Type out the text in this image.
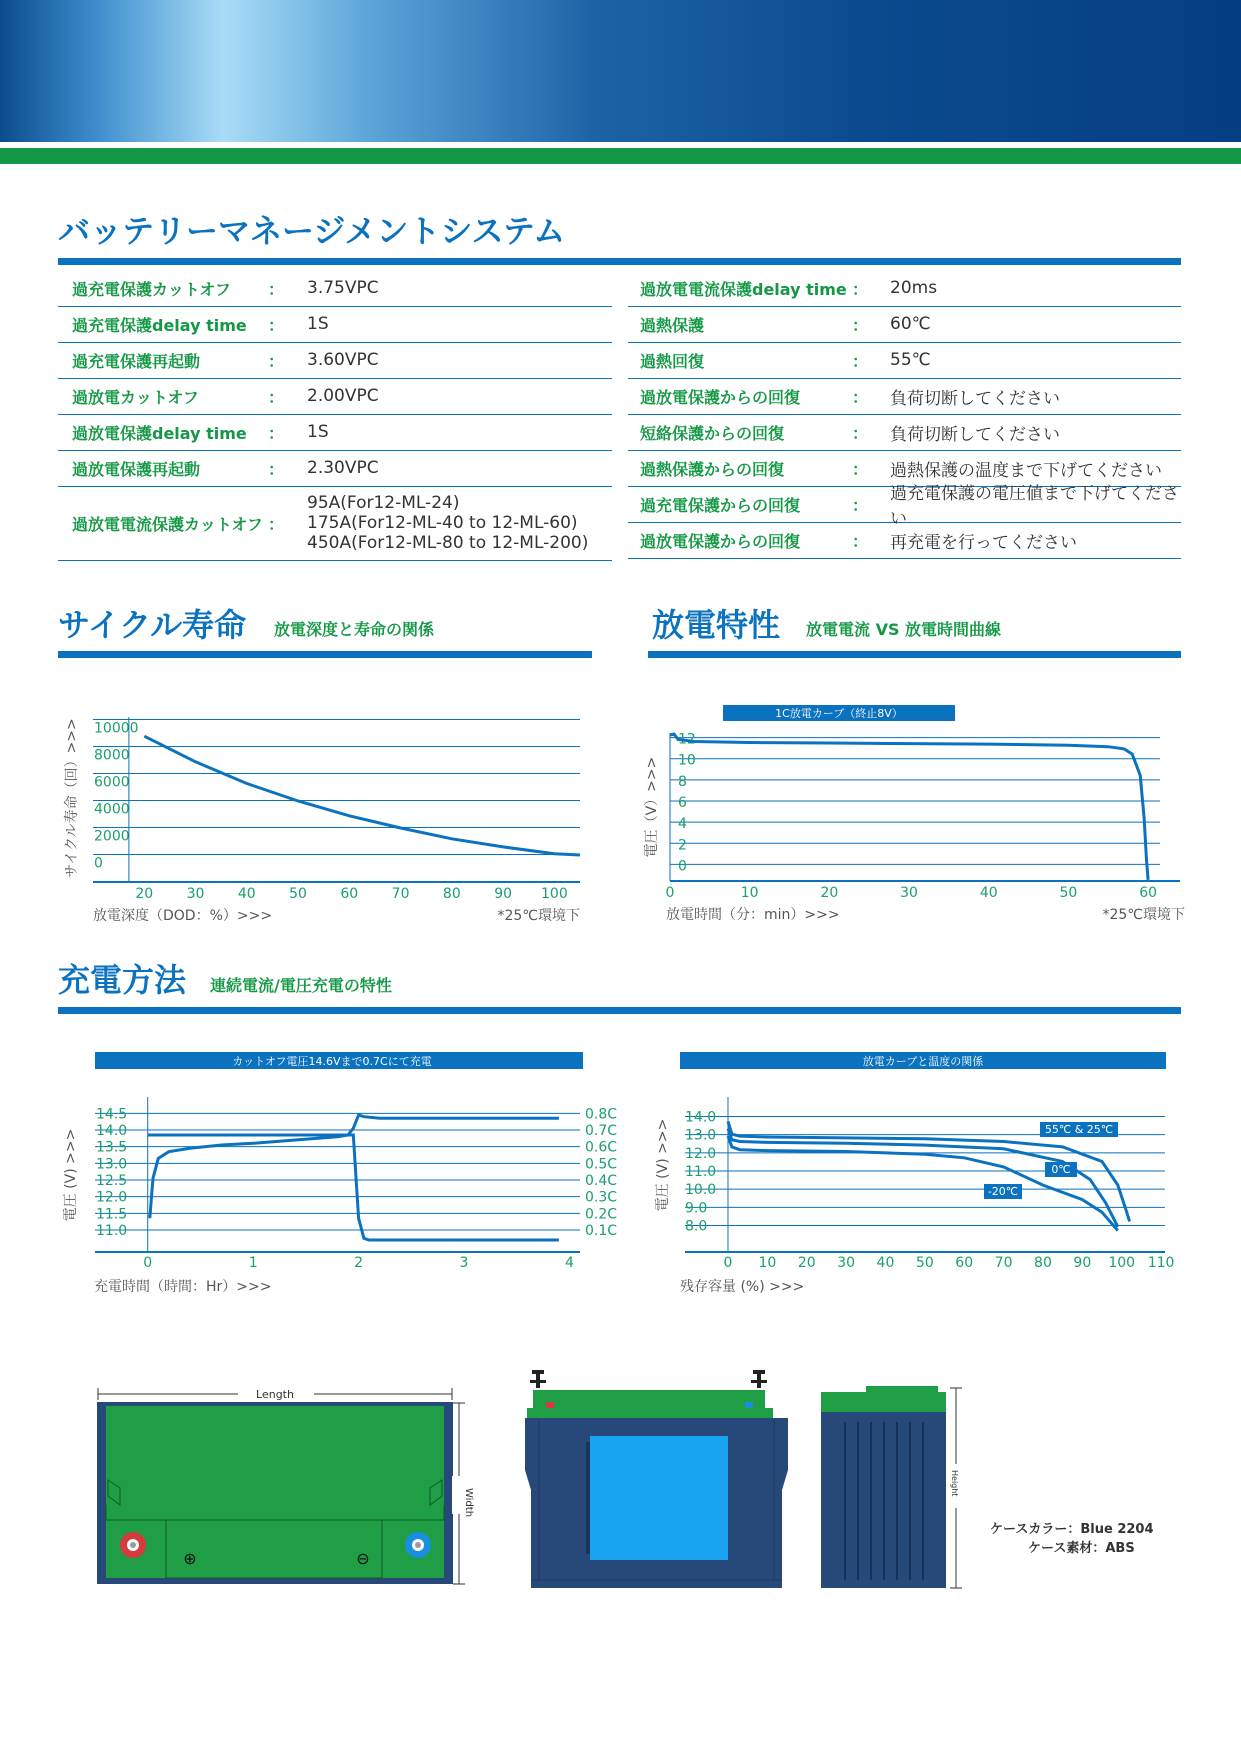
バッテリーマネージメントシステム
過充電保護カットオフ ： 3.75VPC
過充電保護delay time ： 1S
過充電保護再起動	： 3.60VPC
過放電カットオフ	： 2.00VPC
過放電保護delay time ： 1S
過放電保護再起動	： 2.30VPC
過放電電流保護カットオフ ：
95A(For12-ML-24)
175A(For12-ML-40 to 12-ML-60)
450A(For12-ML-80 to 12-ML-200)
過放電電流保護delay time ： 20ms
過熱保護	： 60℃
過熱回復	： 55℃
過放電保護からの回復	： 負荷切断してください
短絡保護からの回復	： 負荷切断してください
過熱保護からの回復	： 過熱保護の温度まで下げてください
過充電保護からの回復	：
過充電保護の電圧値まで下げてください
過放電保護からの回復	： 再充電を行ってください
サイクル寿命 放電深度と寿命の関係	放電特性 放電電流 VS 放電時間曲線
充電方法 連続電流/電圧充電の特性
0
2000
4000
6000
8000
10000
20 30 40 50 60 70 80 90 100
放電深度（DOD：%）>>>	*25℃環境下
サイクル寿命（回）>>>
1C放電カーブ（終止8V）
0
2
4
6
8
10
12
0	10	20	30	40	50	60
放電時間（分：min）>>>	*25℃環境下
電圧（V）>>>
カットオフ電圧14.6Vまで0.7Cにて充電
11.0	0.1C
11.5	0.2C
12.0	0.3C
12.5	0.4C
13.0	0.5C
13.5	0.6C
14.0	0.7C
14.5	0.8C
0	1	2	3	4
充電時間（時間：Hr）>>>
電圧 (V) >>>
放電カーブと温度の関係
8.0
9.0
10.0
11.0
12.0
13.0
14.0
0 10 20 30 40 50 60 70 80 90 100 110
55℃ & 25℃
0℃
-20℃
残存容量 (%) >>>
電圧 (V) >>>
Length
⊕	⊖
Width
Height
ケースカラー：Blue 2204
ケース素材：ABS
